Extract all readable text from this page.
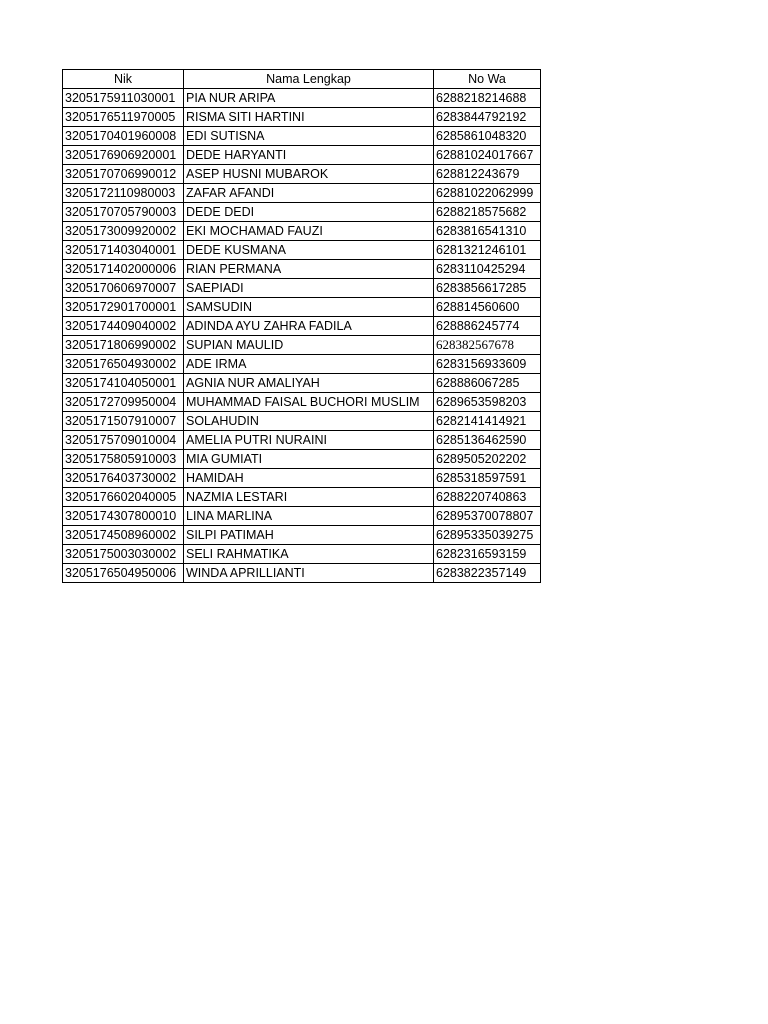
Nik	Nama Lengkap	No Wa
3205175911030001	PIA NUR ARIPA	6288218214688
3205176511970005	RISMA SITI HARTINI	6283844792192
3205170401960008	EDI SUTISNA	6285861048320
3205176906920001	DEDE HARYANTI	62881024017667
3205170706990012	ASEP HUSNI MUBAROK	628812243679
3205172110980003	ZAFAR AFANDI	62881022062999
3205170705790003	DEDE DEDI	6288218575682
3205173009920002	EKI MOCHAMAD FAUZI	6283816541310
3205171403040001	DEDE KUSMANA	6281321246101
3205171402000006	RIAN PERMANA	6283110425294
3205170606970007	SAEPIADI	6283856617285
3205172901700001	SAMSUDIN	628814560600
3205174409040002	ADINDA AYU ZAHRA FADILA	628886245774
3205171806990002	SUPIAN MAULID	628382567678
3205176504930002	ADE IRMA	6283156933609
3205174104050001	AGNIA NUR AMALIYAH	628886067285
3205172709950004	MUHAMMAD FAISAL BUCHORI MUSLIM	6289653598203
3205171507910007	SOLAHUDIN	6282141414921
3205175709010004	AMELIA PUTRI NURAINI	6285136462590
3205175805910003	MIA GUMIATI	6289505202202
3205176403730002	HAMIDAH	6285318597591
3205176602040005	NAZMIA LESTARI	6288220740863
3205174307800010	LINA MARLINA	62895370078807
3205174508960002	SILPI PATIMAH	62895335039275
3205175003030002	SELI RAHMATIKA	6282316593159
3205176504950006	WINDA APRILLIANTI	6283822357149
